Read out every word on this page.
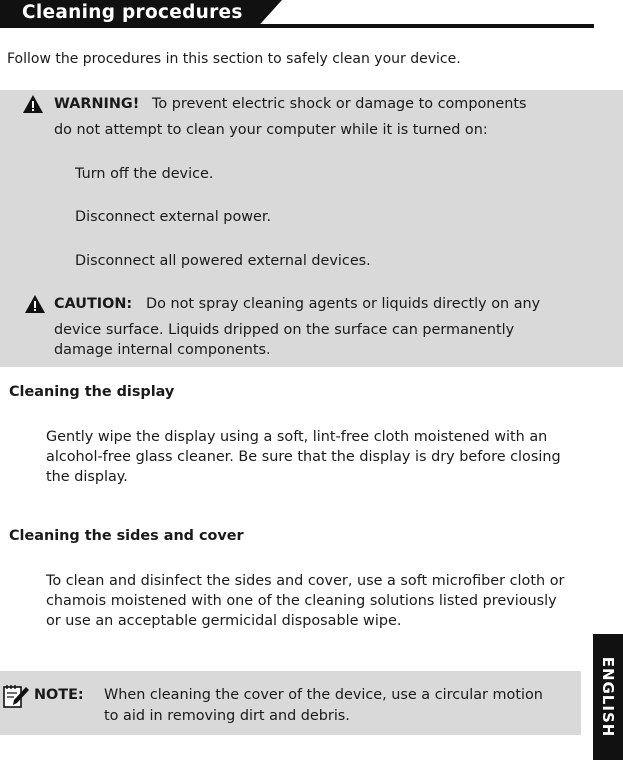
Cleaning procedures
Follow the procedures in this section to safely clean your device.
WARNING! To prevent electric shock or damage to components
do not attempt to clean your computer while it is turned on:
Turn off the device.
Disconnect external power.
Disconnect all powered external devices.
CAUTION: Do not spray cleaning agents or liquids directly on any
device surface. Liquids dripped on the surface can permanently
damage internal components.
Cleaning the display
Gently wipe the display using a soft, lint-free cloth moistened with an
alcohol-free glass cleaner. Be sure that the display is dry before closing
the display.
Cleaning the sides and cover
To clean and disinfect the sides and cover, use a soft microfiber cloth or
chamois moistened with one of the cleaning solutions listed previously
or use an acceptable germicidal disposable wipe.
NOTE: When cleaning the cover of the device, use a circular motion
to aid in removing dirt and debris.	ENGLISH
